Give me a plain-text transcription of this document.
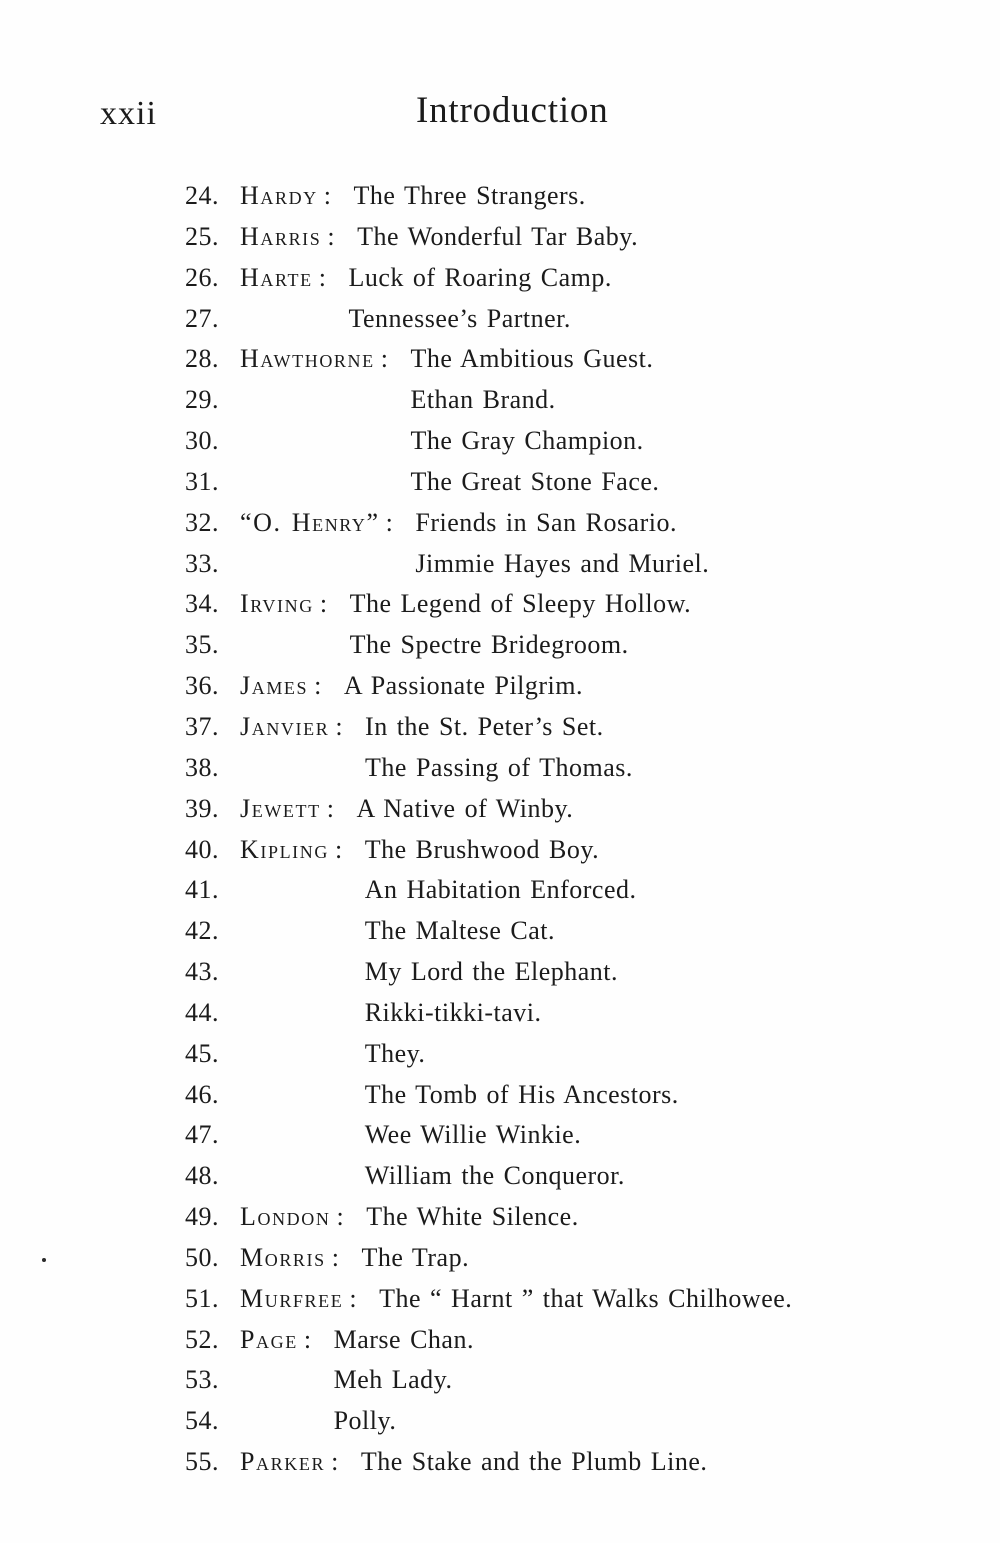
xxii	Introduction
24. Hardy : The Three Strangers.
25. Harris : The Wonderful Tar Baby.
26. Harte : Luck of Roaring Camp.
27.	Tennessee’s Partner.
28. Hawthorne : The Ambitious Guest.
29.	Ethan Brand.
30.	The Gray Champion.
31.	The Great Stone Face.
32. “O. Henry” : Friends in San Rosario.
33.	Jimmie Hayes and Muriel.
34. Irving : The Legend of Sleepy Hollow.
35.	The Spectre Bridegroom.
36. James : A Passionate Pilgrim.
37. Janvier : In the St. Peter’s Set.
38.	The Passing of Thomas.
39. Jewett : A Native of Winby.
40. Kipling : The Brushwood Boy.
41.	An Habitation Enforced.
42.	The Maltese Cat.
43.	My Lord the Elephant.
44.	Rikki-tikki-tavi.
45.	They.
46.	The Tomb of His Ancestors.
47.	Wee Willie Winkie.
48.	William the Conqueror.
49. London : The White Silence.
50. Morris : The Trap.
51. Murfree : The “ Harnt ” that Walks Chilhowee.
52. Page : Marse Chan.
53.	Meh Lady.
54.	Polly.
55. Parker : The Stake and the Plumb Line.
